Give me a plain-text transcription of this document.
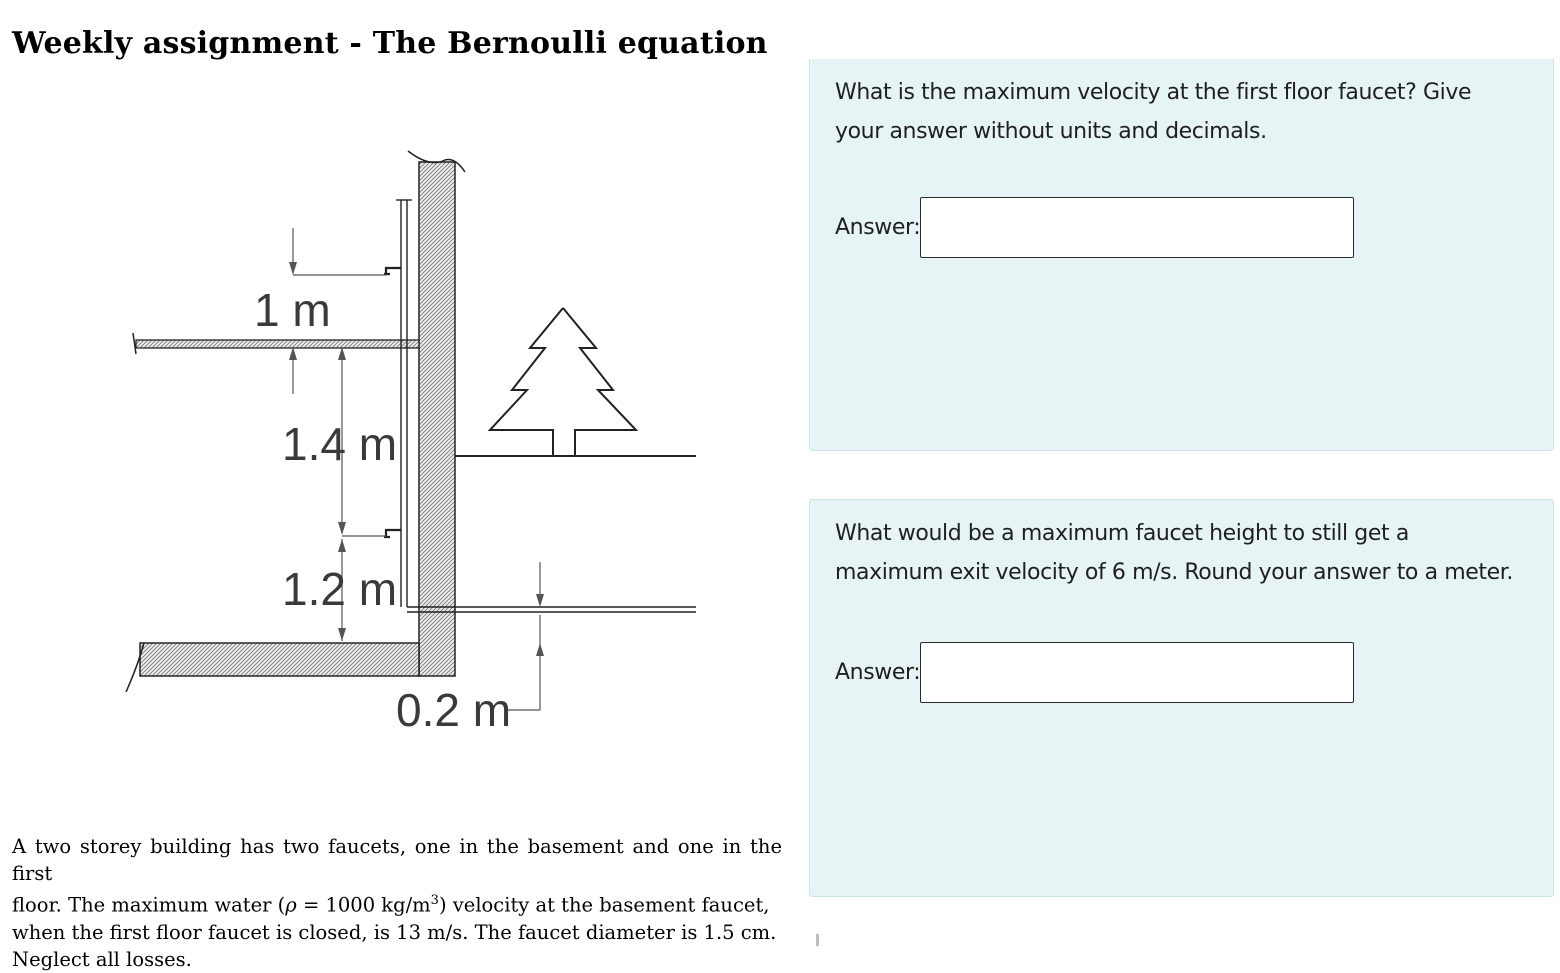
Weekly assignment - The Bernoulli equation
1 m
1.4 m
1.2 m
0.2 m
A two storey building has two faucets, one in the basement and one in the first
floor. The maximum water (ρ = 1000 $kg/m^3$) velocity at the basement faucet,
when the first floor faucet is closed, is 13 m/s. The faucet diameter is 1.5 cm.
Neglect all losses.
What is the maximum velocity at the first floor faucet? Give your answer without units and decimals.
Answer:
What would be a maximum faucet height to still get a maximum exit velocity of 6 m/s. Round your answer to a meter.
Answer:
